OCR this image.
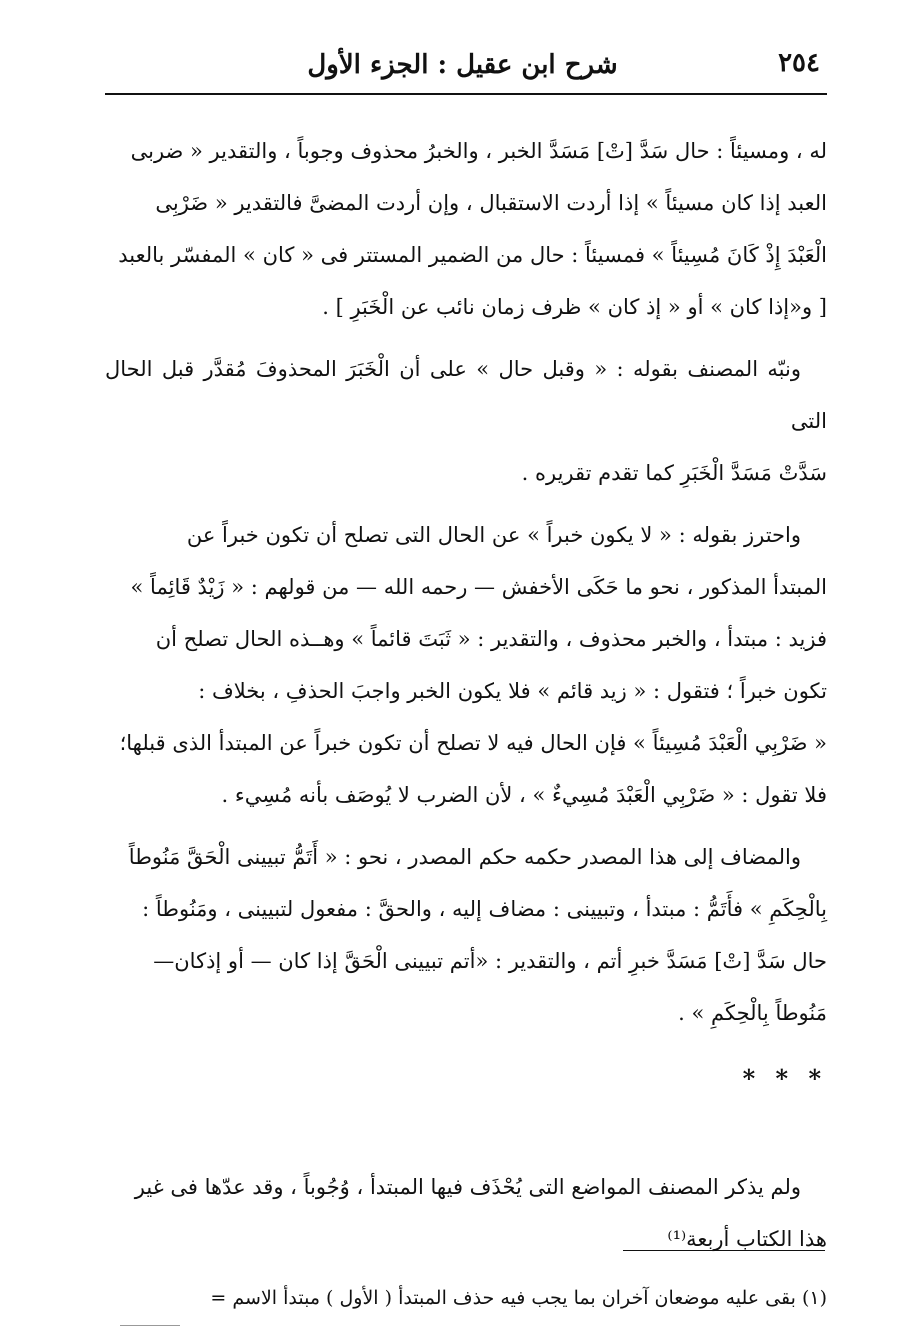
٢٥٤
شرح ابن عقيل : الجزء الأول
له ، ومسيئاً : حال سَدَّ [تْ] مَسَدَّ الخبر ، والخبرُ محذوف وجوباً ، والتقدير « ضربى
العبد إذا كان مسيئاً » إذا أردت الاستقبال ، وإن أردت المضىَّ فالتقدير « ضَرْبِى
الْعَبْدَ إِذْ كَانَ مُسِيئاً » فمسيئاً : حال من الضمير المستتر فى « كان » المفسّر بالعبد
[ و«إذا كان » أو « إذ كان » ظرف زمان نائب عن الْخَبَرِ ] .
ونبّه المصنف بقوله : « وقبل حال » على أن الْخَبَرَ المحذوفَ مُقدَّر قبل الحال التى
سَدَّتْ مَسَدَّ الْخَبَرِ كما تقدم تقريره .
واحترز بقوله : « لا يكون خبراً » عن الحال التى تصلح أن تكون خبراً عن
المبتدأ المذكور ، نحو ما حَكَى الأخفش — رحمه الله — من قولهم : « زَيْدٌ قَائِماً »
فزيد : مبتدأ ، والخبر محذوف ، والتقدير : « ثَبَتَ قائماً » وهــذه الحال تصلح أن
تكون خبراً ؛ فتقول : « زيد قائم » فلا يكون الخبر واجبَ الحذفِ ، بخلاف :
« ضَرْبِي الْعَبْدَ مُسِيئاً » فإن الحال فيه لا تصلح أن تكون خبراً عن المبتدأ الذى قبلها؛
فلا تقول : « ضَرْبِي الْعَبْدَ مُسِيءٌ » ، لأن الضرب لا يُوصَف بأنه مُسِيء .
والمضاف إلى هذا المصدر حكمه حكم المصدر ، نحو : « أَتَمُّ تبيينى الْحَقَّ مَنُوطاً
بِالْحِكَمِ » فأَتَمُّ : مبتدأ ، وتبيينى : مضاف إليه ، والحقَّ : مفعول لتبيينى ، ومَنُوطاً :
حال سَدَّ [تْ] مَسَدَّ خبرِ أتم ، والتقدير : «أتم تبيينى الْحَقَّ إذا كان — أو إذكان—
مَنُوطاً بِالْحِكَمِ » .
* * *
ولم يذكر المصنف المواضع التى يُحْذَف فيها المبتدأ ، وُجُوباً ، وقد عدّها فى غير
هذا الكتاب أربعة⁽¹⁾
(١) بقى عليه موضعان آخران بما يجب فيه حذف المبتدأ ( الأول ) مبتدأ الاسم =
